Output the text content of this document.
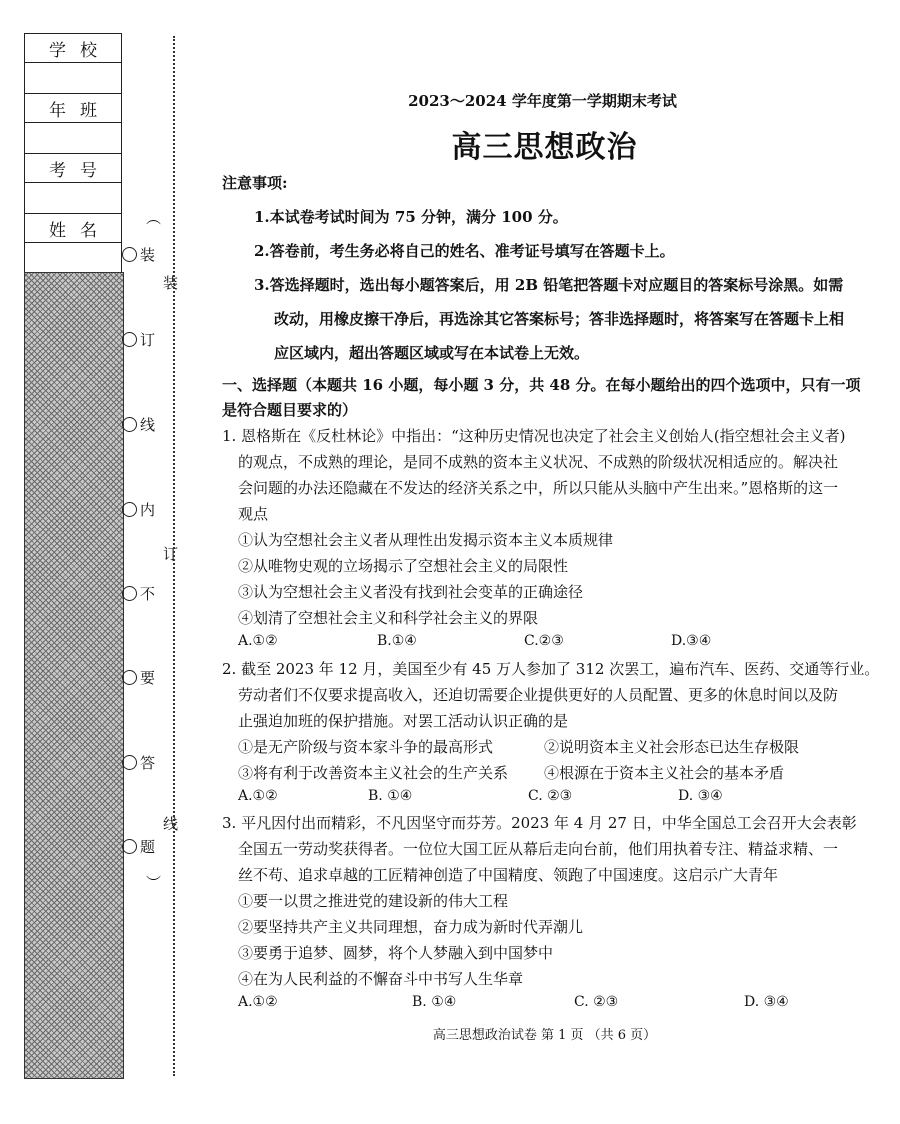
学校

年班

考号

姓名

︵
︶
装
订
线
内
不
要
答
题
装
订
线
2023～2024 学年度第一学期期末考试
高三思想政治
注意事项:
1.本试卷考试时间为 75 分钟，满分 100 分。
2.答卷前，考生务必将自己的姓名、准考证号填写在答题卡上。
3.答选择题时，选出每小题答案后，用 2B 铅笔把答题卡对应题目的答案标号涂黑。如需
改动，用橡皮擦干净后，再选涂其它答案标号；答非选择题时，将答案写在答题卡上相
应区域内，超出答题区域或写在本试卷上无效。
一、选择题（本题共 16 小题，每小题 3 分，共 48 分。在每小题给出的四个选项中，只有一项
是符合题目要求的）
1. 恩格斯在《反杜林论》中指出：“这种历史情况也决定了社会主义创始人(指空想社会主义者)
的观点，不成熟的理论，是同不成熟的资本主义状况、不成熟的阶级状况相适应的。解决社
会问题的办法还隐藏在不发达的经济关系之中，所以只能从头脑中产生出来。”恩格斯的这一
观点
①认为空想社会主义者从理性出发揭示资本主义本质规律
②从唯物史观的立场揭示了空想社会主义的局限性
③认为空想社会主义者没有找到社会变革的正确途径
④划清了空想社会主义和科学社会主义的界限
A.①②	B.①④	C.②③	D.③④
2. 截至 2023 年 12 月，美国至少有 45 万人参加了 312 次罢工，遍布汽车、医药、交通等行业。
劳动者们不仅要求提高收入，还迫切需要企业提供更好的人员配置、更多的休息时间以及防
止强迫加班的保护措施。对罢工活动认识正确的是
①是无产阶级与资本家斗争的最高形式	②说明资本主义社会形态已达生存极限
③将有利于改善资本主义社会的生产关系 ④根源在于资本主义社会的基本矛盾
A.①②	B. ①④	C. ②③	D. ③④
3. 平凡因付出而精彩，不凡因坚守而芬芳。2023 年 4 月 27 日，中华全国总工会召开大会表彰
全国五一劳动奖获得者。一位位大国工匠从幕后走向台前，他们用执着专注、精益求精、一
丝不苟、追求卓越的工匠精神创造了中国精度、领跑了中国速度。这启示广大青年
①要一以贯之推进党的建设新的伟大工程
②要坚持共产主义共同理想，奋力成为新时代弄潮儿
③要勇于追梦、圆梦，将个人梦融入到中国梦中
④在为人民利益的不懈奋斗中书写人生华章
A.①②	B. ①④	C. ②③	D. ③④
高三思想政治试卷 第 1 页 （共 6 页）
